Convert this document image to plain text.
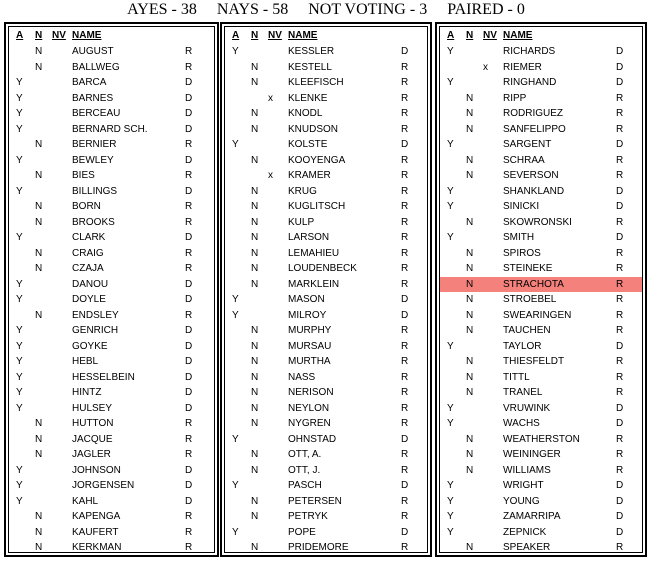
AYES - 38     NAYS - 58     NOT VOTING - 3     PAIRED - 0
A N NV NAME
N	AUGUST	R
N	BALLWEG	R
Y	BARCA	D
Y	BARNES	D
Y	BERCEAU	D
Y	BERNARD SCH.	D
N	BERNIER	R
Y	BEWLEY	D
N	BIES	R
Y	BILLINGS	D
N	BORN	R
N	BROOKS	R
Y	CLARK	D
N	CRAIG	R
N	CZAJA	R
Y	DANOU	D
Y	DOYLE	D
N	ENDSLEY	R
Y	GENRICH	D
Y	GOYKE	D
Y	HEBL	D
Y	HESSELBEIN	D
Y	HINTZ	D
Y	HULSEY	D
N	HUTTON	R
N	JACQUE	R
N	JAGLER	R
Y	JOHNSON	D
Y	JORGENSEN	D
Y	KAHL	D
N	KAPENGA	R
N	KAUFERT	R
N	KERKMAN	R
A N NV NAME
Y	KESSLER	D
N	KESTELL	R
N	KLEEFISCH	R
x KLENKE	R
N	KNODL	R
N	KNUDSON	R
Y	KOLSTE	D
N	KOOYENGA	R
x KRAMER	R
N	KRUG	R
N	KUGLITSCH	R
N	KULP	R
N	LARSON	R
N	LEMAHIEU	R
N	LOUDENBECK	R
N	MARKLEIN	R
Y	MASON	D
Y	MILROY	D
N	MURPHY	R
N	MURSAU	R
N	MURTHA	R
N	NASS	R
N	NERISON	R
N	NEYLON	R
N	NYGREN	R
Y	OHNSTAD	D
N	OTT, A.	R
N	OTT, J.	R
Y	PASCH	D
N	PETERSEN	R
N	PETRYK	R
Y	POPE	D
N	PRIDEMORE	R
A N NV NAME
Y	RICHARDS	D
x RIEMER	D
Y	RINGHAND	D
N	RIPP	R
N	RODRIGUEZ	R
N	SANFELIPPO	R
Y	SARGENT	D
N	SCHRAA	R
N	SEVERSON	R
Y	SHANKLAND	D
Y	SINICKI	D
N	SKOWRONSKI	R
Y	SMITH	D
N	SPIROS	R
N	STEINEKE	R
N	STRACHOTA	R
N	STROEBEL	R
N	SWEARINGEN	R
N	TAUCHEN	R
Y	TAYLOR	D
N	THIESFELDT	R
N	TITTL	R
N	TRANEL	R
Y	VRUWINK	D
Y	WACHS	D
N	WEATHERSTON	R
N	WEININGER	R
N	WILLIAMS	R
Y	WRIGHT	D
Y	YOUNG	D
Y	ZAMARRIPA	D
Y	ZEPNICK	D
N	SPEAKER	R
